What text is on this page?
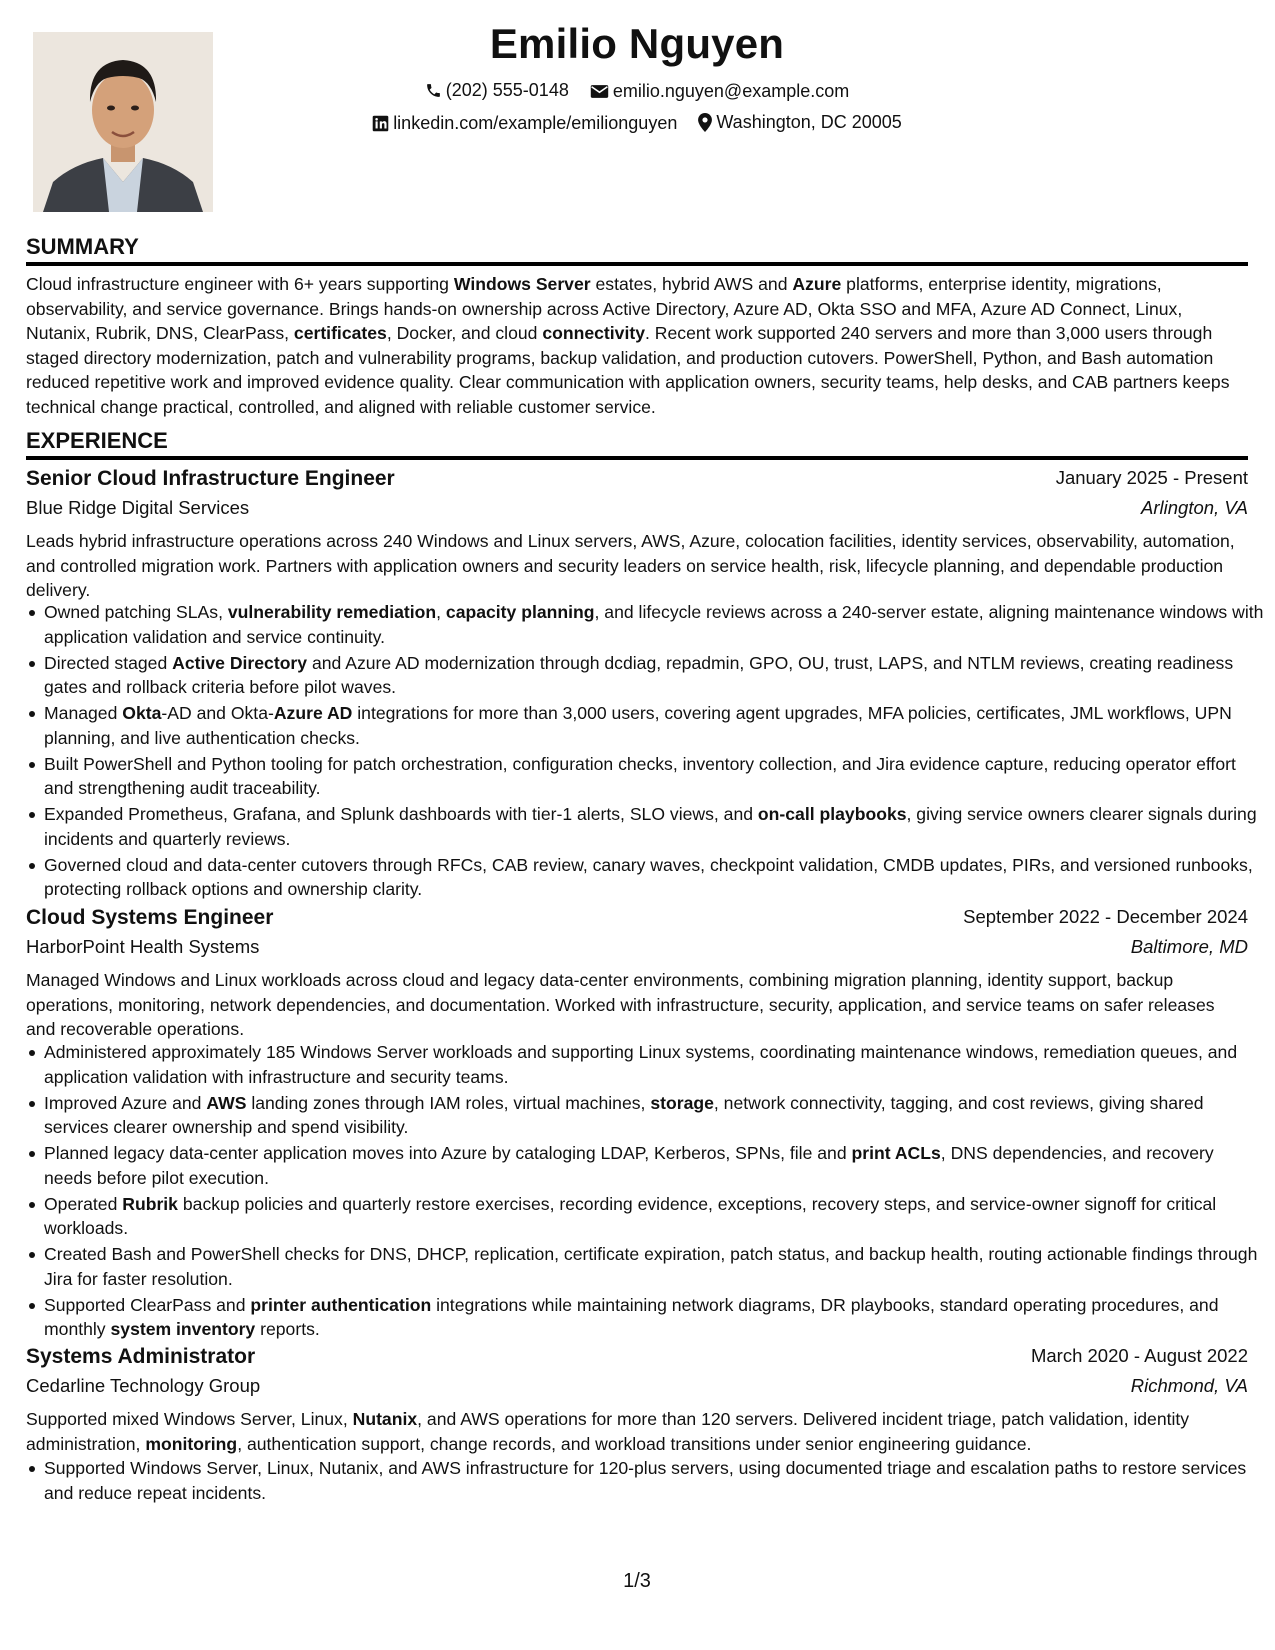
Emilio Nguyen
(202) 555-0148
emilio.nguyen@example.com
linkedin.com/example/emilionguyen
Washington, DC 20005
SUMMARY
Cloud infrastructure engineer with 6+ years supporting Windows Server estates, hybrid AWS and Azure platforms, enterprise identity, migrations, observability, and service governance. Brings hands-on ownership across Active Directory, Azure AD, Okta SSO and MFA, Azure AD Connect, Linux, Nutanix, Rubrik, DNS, ClearPass, certificates, Docker, and cloud connectivity. Recent work supported 240 servers and more than 3,000 users through staged directory modernization, patch and vulnerability programs, backup validation, and production cutovers. PowerShell, Python, and Bash automation reduced repetitive work and improved evidence quality. Clear communication with application owners, security teams, help desks, and CAB partners keeps technical change practical, controlled, and aligned with reliable customer service.
EXPERIENCE
Senior Cloud Infrastructure Engineer	January 2025 - Present
Blue Ridge Digital Services	Arlington, VA
Leads hybrid infrastructure operations across 240 Windows and Linux servers, AWS, Azure, colocation facilities, identity services, observability, automation, and controlled migration work. Partners with application owners and security leaders on service health, risk, lifecycle planning, and dependable production delivery.
Owned patching SLAs, vulnerability remediation, capacity planning, and lifecycle reviews across a 240-server estate, aligning maintenance windows with application validation and service continuity.
Directed staged Active Directory and Azure AD modernization through dcdiag, repadmin, GPO, OU, trust, LAPS, and NTLM reviews, creating readiness gates and rollback criteria before pilot waves.
Managed Okta-AD and Okta-Azure AD integrations for more than 3,000 users, covering agent upgrades, MFA policies, certificates, JML workflows, UPN planning, and live authentication checks.
Built PowerShell and Python tooling for patch orchestration, configuration checks, inventory collection, and Jira evidence capture, reducing operator effort and strengthening audit traceability.
Expanded Prometheus, Grafana, and Splunk dashboards with tier-1 alerts, SLO views, and on-call playbooks, giving service owners clearer signals during incidents and quarterly reviews.
Governed cloud and data-center cutovers through RFCs, CAB review, canary waves, checkpoint validation, CMDB updates, PIRs, and versioned runbooks, protecting rollback options and ownership clarity.
Cloud Systems Engineer	September 2022 - December 2024
HarborPoint Health Systems	Baltimore, MD
Managed Windows and Linux workloads across cloud and legacy data-center environments, combining migration planning, identity support, backup operations, monitoring, network dependencies, and documentation. Worked with infrastructure, security, application, and service teams on safer releases and recoverable operations.
Administered approximately 185 Windows Server workloads and supporting Linux systems, coordinating maintenance windows, remediation queues, and application validation with infrastructure and security teams.
Improved Azure and AWS landing zones through IAM roles, virtual machines, storage, network connectivity, tagging, and cost reviews, giving shared services clearer ownership and spend visibility.
Planned legacy data-center application moves into Azure by cataloging LDAP, Kerberos, SPNs, file and print ACLs, DNS dependencies, and recovery needs before pilot execution.
Operated Rubrik backup policies and quarterly restore exercises, recording evidence, exceptions, recovery steps, and service-owner signoff for critical workloads.
Created Bash and PowerShell checks for DNS, DHCP, replication, certificate expiration, patch status, and backup health, routing actionable findings through Jira for faster resolution.
Supported ClearPass and printer authentication integrations while maintaining network diagrams, DR playbooks, standard operating procedures, and monthly system inventory reports.
Systems Administrator	March 2020 - August 2022
Cedarline Technology Group	Richmond, VA
Supported mixed Windows Server, Linux, Nutanix, and AWS operations for more than 120 servers. Delivered incident triage, patch validation, identity administration, monitoring, authentication support, change records, and workload transitions under senior engineering guidance.
Supported Windows Server, Linux, Nutanix, and AWS infrastructure for 120-plus servers, using documented triage and escalation paths to restore services and reduce repeat incidents.
1/3
